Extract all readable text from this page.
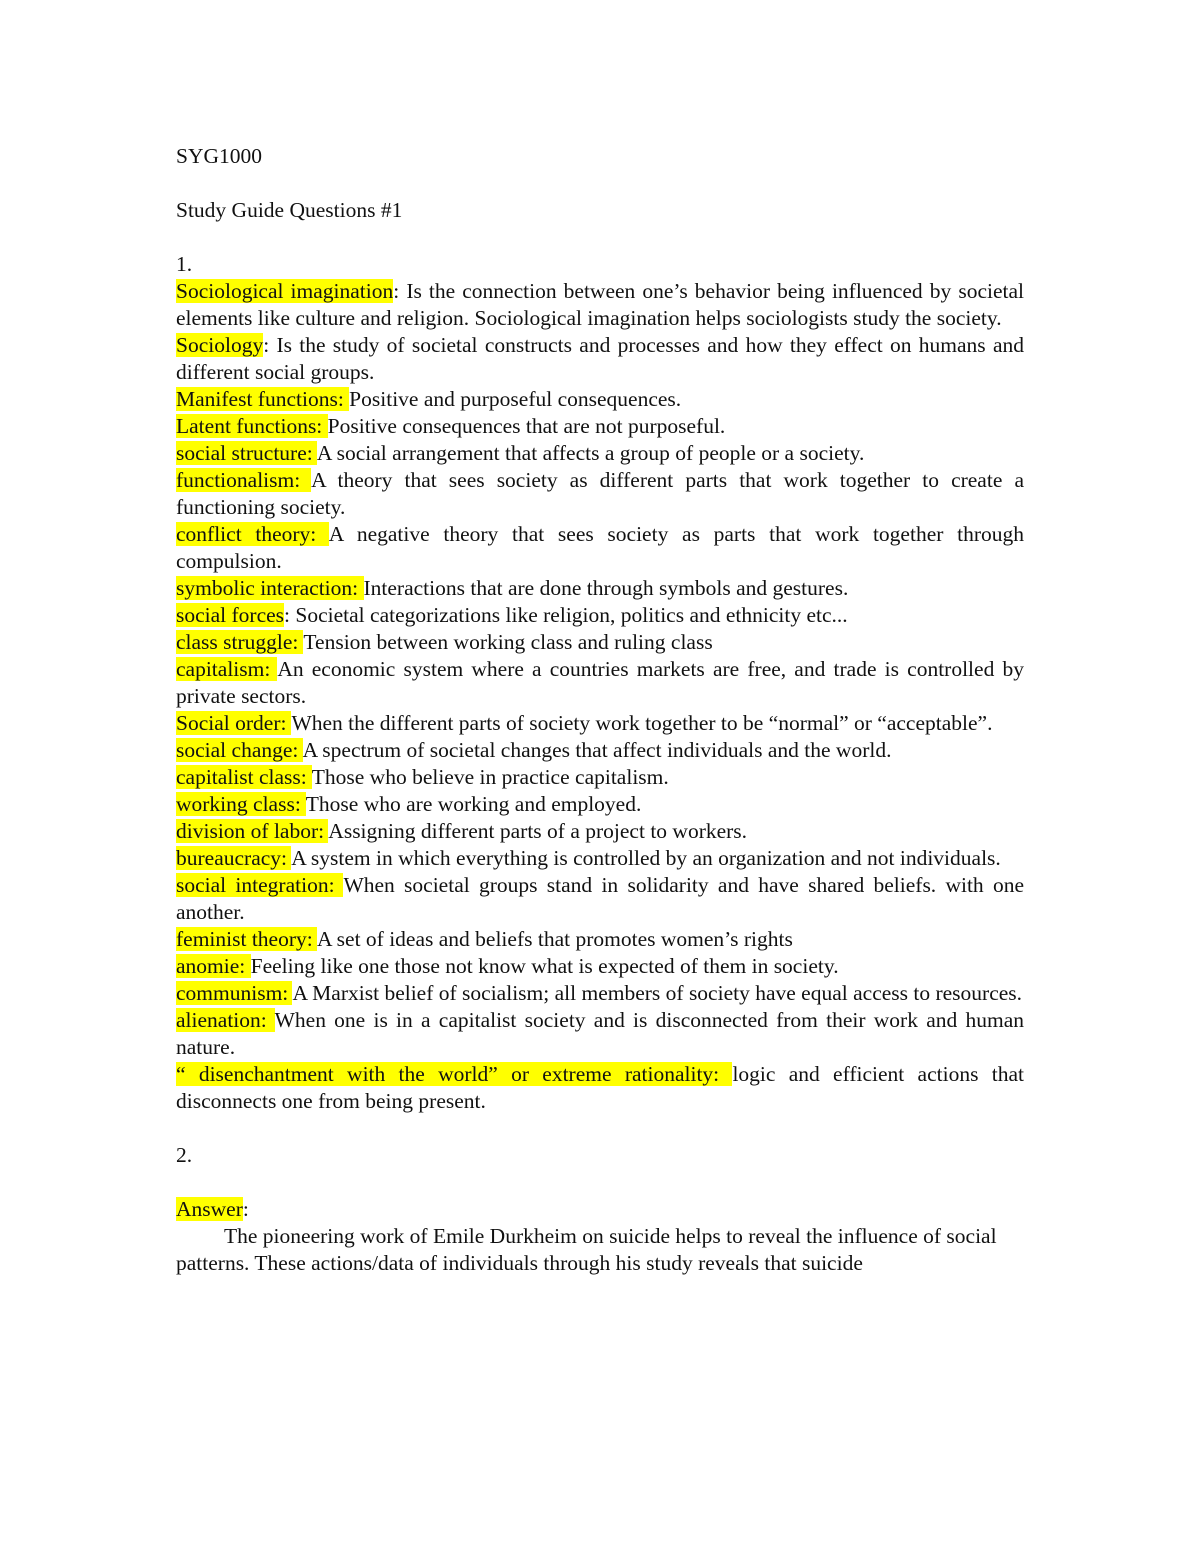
SYG1000

Study Guide Questions #1

1.

Sociological imagination: Is the connection between one’s behavior being influenced by societal elements like culture and religion. Sociological imagination helps sociologists study the society.

Sociology: Is the study of societal constructs and processes and how they effect on humans and different social groups.

Manifest functions: Positive and purposeful consequences.

Latent functions: Positive consequences that are not purposeful.

social structure: A social arrangement that affects a group of people or a society.

functionalism: A theory that sees society as different parts that work together to create a functioning society.

conflict theory: A negative theory that sees society as parts that work together through compulsion.

symbolic interaction: Interactions that are done through symbols and gestures.

social forces: Societal categorizations like religion, politics and ethnicity etc...

class struggle: Tension between working class and ruling class

capitalism: An economic system where a countries markets are free, and trade is controlled by private sectors.

Social order: When the different parts of society work together to be “normal” or “acceptable”.

social change: A spectrum of societal changes that affect individuals and the world.

capitalist class: Those who believe in practice capitalism.

working class: Those who are working and employed.

division of labor: Assigning different parts of a project to workers.

bureaucracy: A system in which everything is controlled by an organization and not individuals.

social integration: When societal groups stand in solidarity and have shared beliefs. with one another.

feminist theory: A set of ideas and beliefs that promotes women’s rights

anomie: Feeling like one those not know what is expected of them in society.

communism: A Marxist belief of socialism; all members of society have equal access to resources.

alienation: When one is in a capitalist society and is disconnected from their work and human nature.

“ disenchantment with the world” or extreme rationality: logic and efficient actions that disconnects one from being present.

2.

Answer:

The pioneering work of Emile Durkheim on suicide helps to reveal the influence of social patterns. These actions/data of individuals through his study reveals that suicide
